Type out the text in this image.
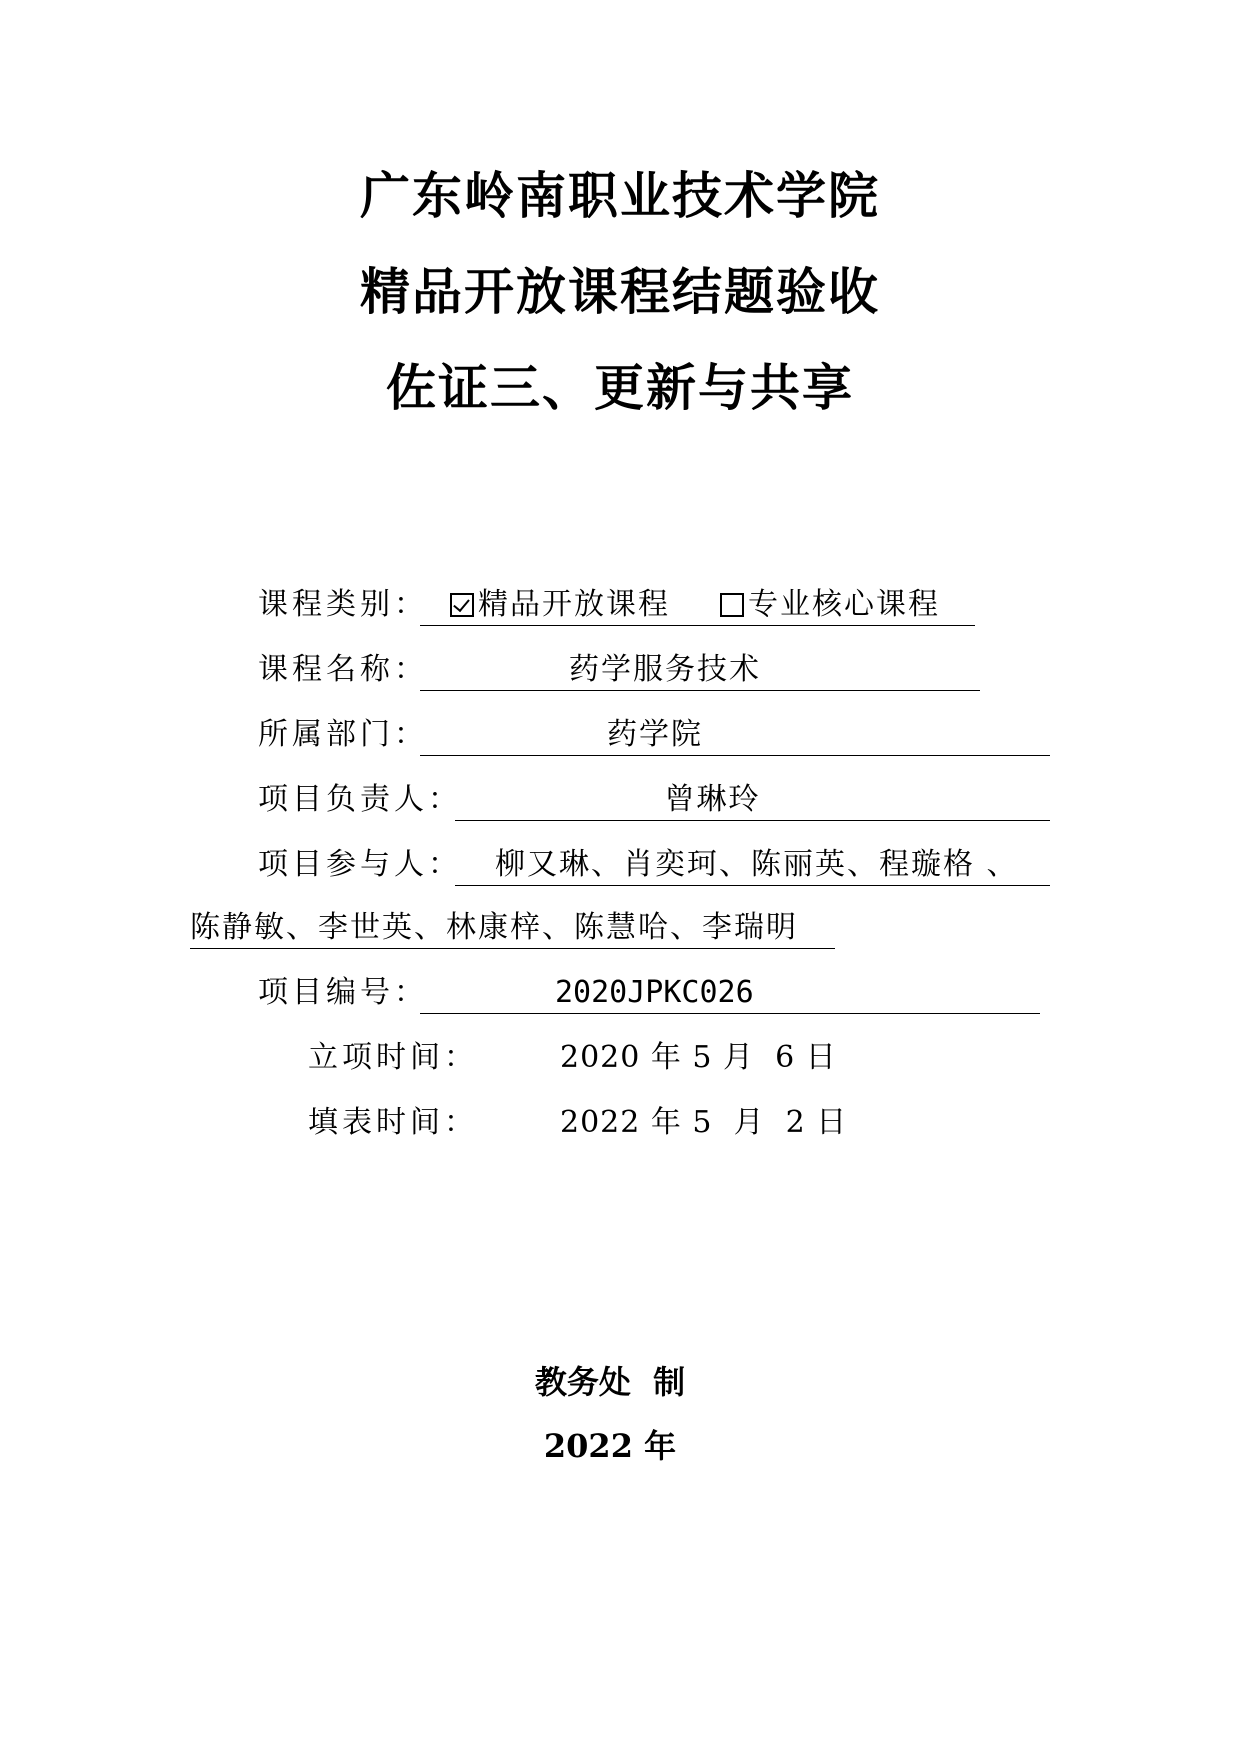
广东岭南职业技术学院
精品开放课程结题验收
佐证三、更新与共享
课程类别：	精品开放课程	专业核心课程
课程名称：	药学服务技术
所属部门：	药学院
项目负责人：	曾琳玲
项目参与人：	柳又琳、肖奕珂、陈丽英、程璇格 、
陈静敏、李世英、林康梓、陈慧哈、李瑞明
项目编号：	2020JPKC026
立项时间：	2020 年 5 月  6 日
填表时间：	2022 年 5  月  2 日
教务处  制
2022 年
